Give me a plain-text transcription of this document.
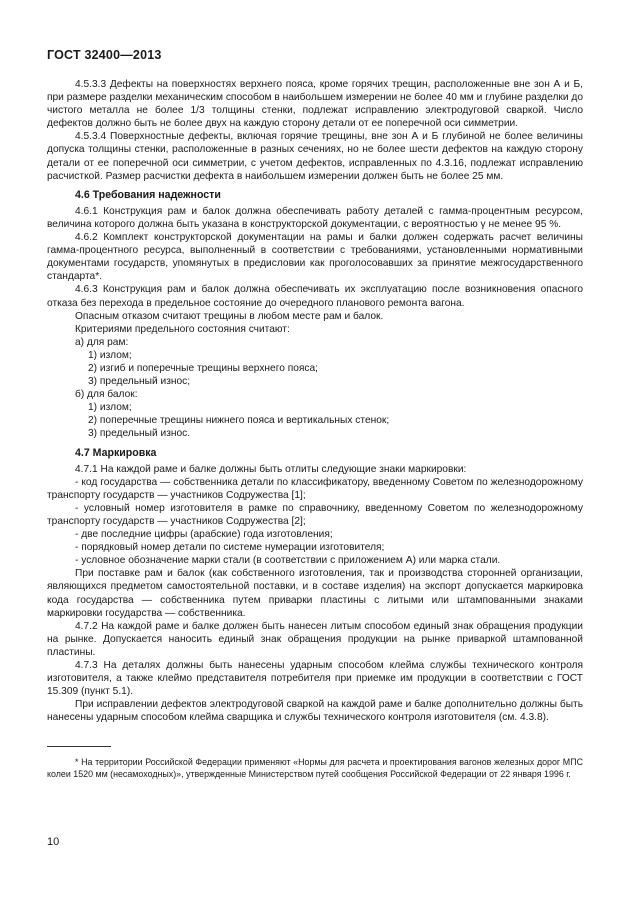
ГОСТ 32400—2013

4.5.3.3 Дефекты на поверхностях верхнего пояса, кроме горячих трещин, расположенные вне зон А и Б, при размере разделки механическим способом в наибольшем измерении не более 40 мм и глубине разделки до чистого металла не более 1/3 толщины стенки, подлежат исправлению электродуговой сваркой. Число дефектов должно быть не более двух на каждую сторону детали от ее поперечной оси симметрии.

4.5.3.4 Поверхностные дефекты, включая горячие трещины, вне зон А и Б глубиной не более величины допуска толщины стенки, расположенные в разных сечениях, но не более шести дефектов на каждую сторону детали от ее поперечной оси симметрии, с учетом дефектов, исправленных по 4.3.16, подлежат исправлению расчисткой. Размер расчистки дефекта в наибольшем измерении должен быть не более 25 мм.

4.6 Требования надежности

4.6.1 Конструкция рам и балок должна обеспечивать работу деталей с гамма-процентным ресурсом, величина которого должна быть указана в конструкторской документации, с вероятностью γ не менее 95 %.

4.6.2 Комплект конструкторской документации на рамы и балки должен содержать расчет величины гамма-процентного ресурса, выполненный в соответствии с требованиями, установленными нормативными документами государств, упомянутых в предисловии как проголосовавших за принятие межгосударственного стандарта*.

4.6.3 Конструкция рам и балок должна обеспечивать их эксплуатацию после возникновения опасного отказа без перехода в предельное состояние до очередного планового ремонта вагона.

Опасным отказом считают трещины в любом месте рам и балок.

Критериями предельного состояния считают:

а) для рам:

1) излом;

2) изгиб и поперечные трещины верхнего пояса;

3) предельный износ;

б) для балок:

1) излом;

2) поперечные трещины нижнего пояса и вертикальных стенок;

3) предельный износ.

4.7 Маркировка

4.7.1 На каждой раме и балке должны быть отлиты следующие знаки маркировки:

- код государства — собственника детали по классификатору, введенному Советом по железнодорожному транспорту государств — участников Содружества [1];

- условный номер изготовителя в рамке по справочнику, введенному Советом по железнодорожному транспорту государств — участников Содружества [2];

- две последние цифры (арабские) года изготовления;

- порядковый номер детали по системе нумерации изготовителя;

- условное обозначение марки стали (в соответствии с приложением А) или марка стали.

При поставке рам и балок (как собственного изготовления, так и производства сторонней организации, являющихся предметом самостоятельной поставки, и в составе изделия) на экспорт допускается маркировка кода государства — собственника путем приварки пластины с литыми или штампованными знаками маркировки государства — собственника.

4.7.2 На каждой раме и балке должен быть нанесен литым способом единый знак обращения продукции на рынке. Допускается наносить единый знак обращения продукции на рынке приваркой штампованной пластины.

4.7.3 На деталях должны быть нанесены ударным способом клейма службы технического контроля изготовителя, а также клеймо представителя потребителя при приемке им продукции в соответствии с ГОСТ 15.309 (пункт 5.1).

При исправлении дефектов электродуговой сваркой на каждой раме и балке дополнительно должны быть нанесены ударным способом клейма сварщика и службы технического контроля изготовителя (см. 4.3.8).

* На территории Российской Федерации применяют «Нормы для расчета и проектирования вагонов железных дорог МПС колеи 1520 мм (несамоходных)», утвержденные Министерством путей сообщения Российской Федерации от 22 января 1996 г.

10
